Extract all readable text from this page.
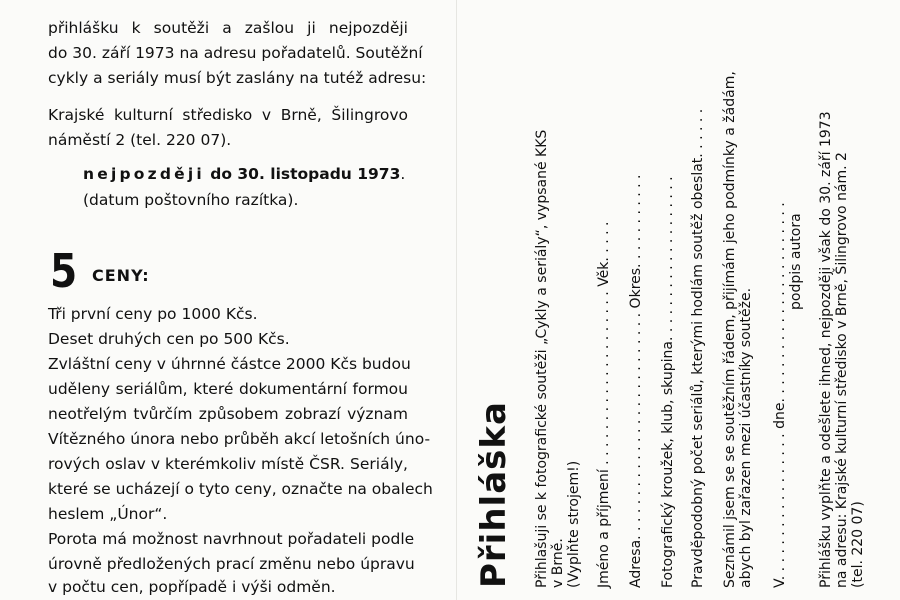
přihlášku k soutěži a zašlou ji nejpozději
do 30. září 1973 na adresu pořadatelů. Soutěžní
cykly a seriály musí být zaslány na tutéž adresu:
Krajské kulturní středisko v Brně, Šilingrovo
náměstí 2 (tel. 220 07).
nejpozději do 30. listopadu 1973.
(datum poštovního razítka).
5 CENY:
Tři první ceny po 1000 Kčs.
Deset druhých cen po 500 Kčs.
Zvláštní ceny v úhrnné částce 2000 Kčs budou
uděleny seriálům, které dokumentární formou
neotřelým tvůrčím způsobem zobrazí význam
Vítězného února nebo průběh akcí letošních úno-
rových oslav v kterémkoliv místě ČSR. Seriály,
které se ucházejí o tyto ceny, označte na obalech
heslem „Únor“.
Porota má možnost navrhnout pořadateli podle
úrovně předložených prací změnu nebo úpravu
v počtu cen, popřípadě i výši odměn.	Přihláška Přihlašuji se k fotografické soutěži „Cykly a seriály“, vypsané KKS v Brně. (Vyplňte strojem!) Jméno a příjmení . . . . . . . . . . . . . . . . . . . . Věk. . . . . Adresa. . . . . . . . . . . . . . . . . . . . . . . . . . Okres. . . . . . . . . . . Fotografický kroužek, klub, skupina. . . . . . . . . . . . . . . . . . . Pravděpodobný počet seriálů, kterými hodlám soutěž obeslat. . . . . . Seznámil jsem se se soutěžním řádem, přijímám jeho podmínky a žádám, abych byl zařazen mezi účastníky soutěže. V. . . . . . . . . . . . . . . . . dne. . . . . . . . . . . . . . . . . . . . . . . podpis autora Přihlášku vyplňte a odešlete ihned, nejpozději však do 30. září 1973 na adresu: Krajské kulturní středisko v Brně, Šilingrovo nám. 2 (tel. 220 07)
